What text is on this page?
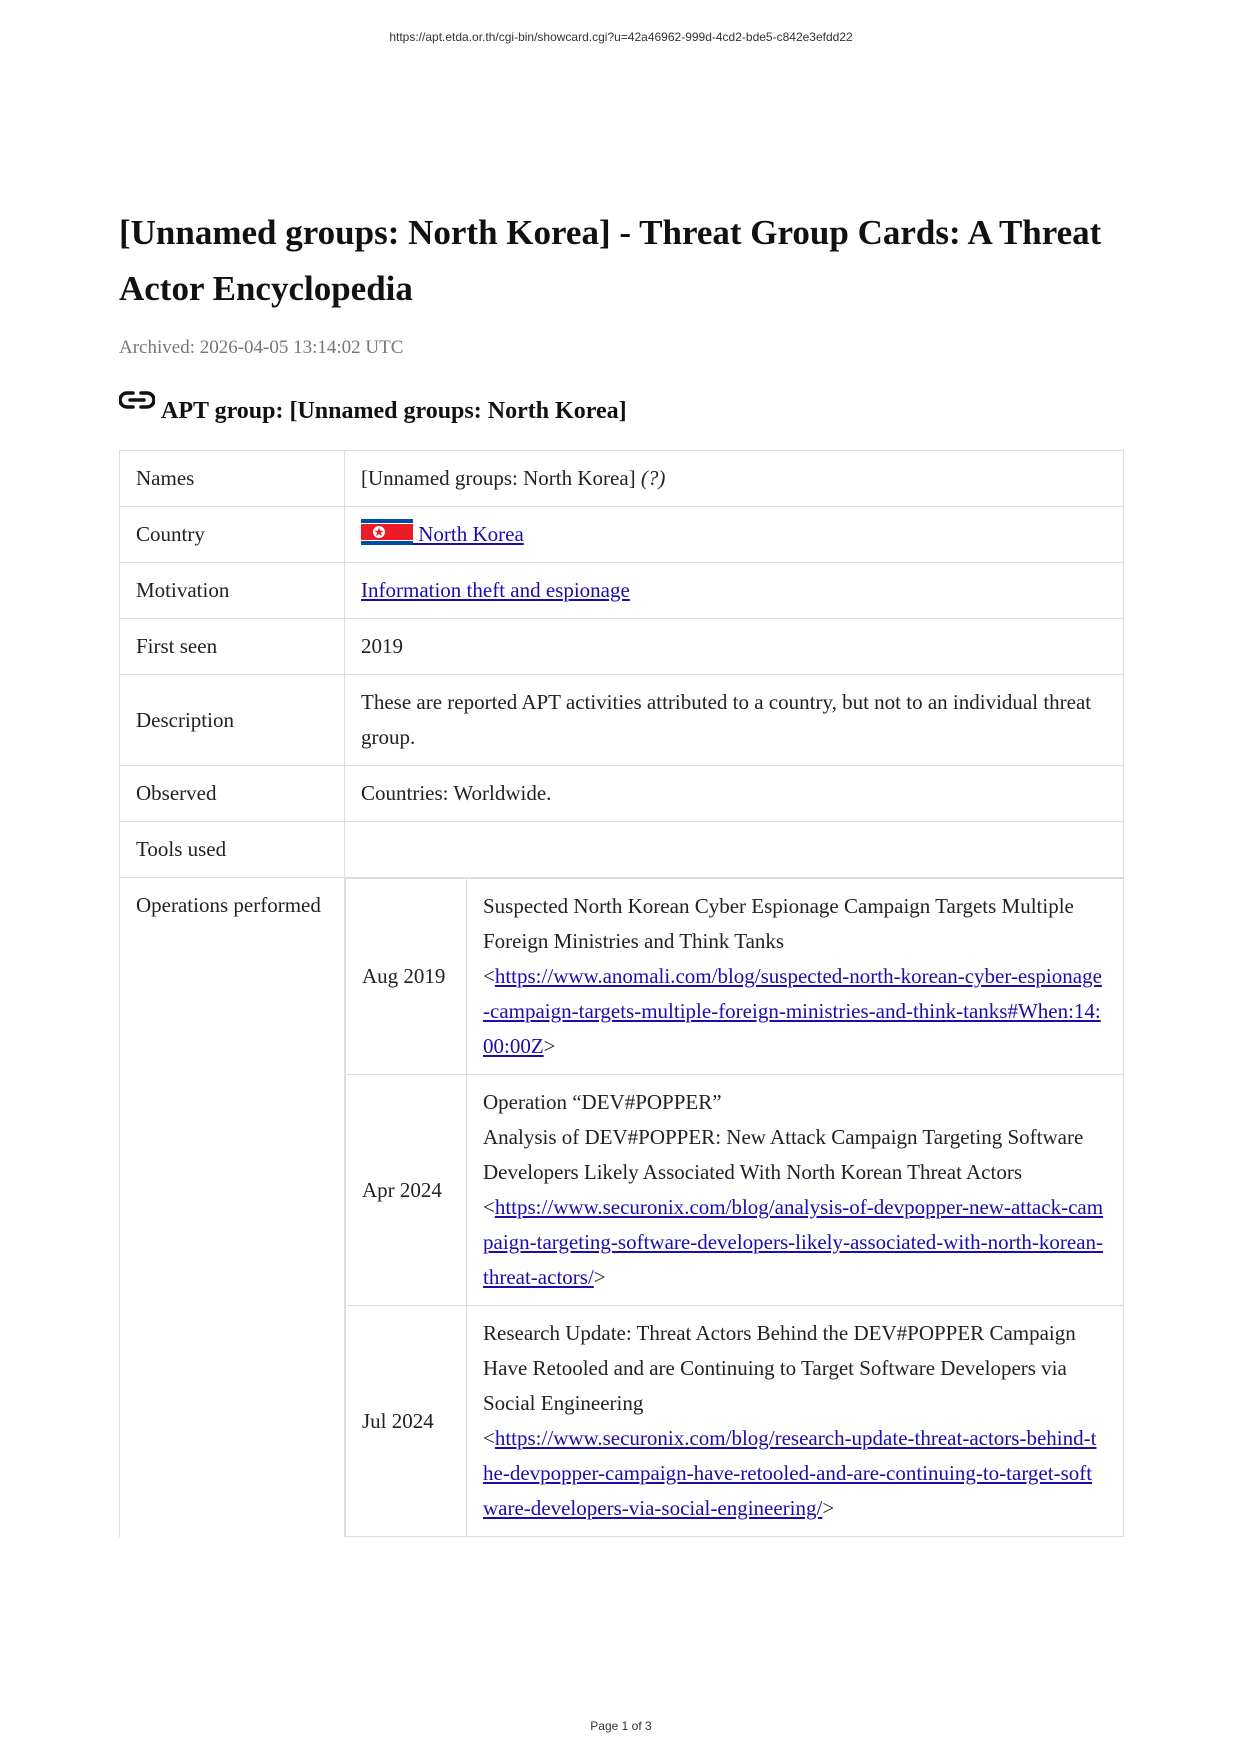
https://apt.etda.or.th/cgi-bin/showcard.cgi?u=42a46962-999d-4cd2-bde5-c842e3efdd22
[Unnamed groups: North Korea] - Threat Group Cards: A Threat Actor Encyclopedia
Archived: 2026-04-05 13:14:02 UTC
APT group: [Unnamed groups: North Korea]
Names	[Unnamed groups: North Korea] (?)
Country	North Korea
Motivation	Information theft and espionage
First seen	2019
Description	These are reported APT activities attributed to a country, but not to an individual threat group.
Observed	Countries: Worldwide.
Tools used	
Operations performed	
Aug 2019	Suspected North Korean Cyber Espionage Campaign Targets Multiple Foreign Ministries and Think Tanks
<https://www.anomali.com/blog/suspected-north-korean-cyber-espionage-campaign-targets-multiple-foreign-ministries-and-think-tanks#When:14:00:00Z>
Apr 2024	Operation “DEV#POPPER”
Analysis of DEV#POPPER: New Attack Campaign Targeting Software Developers Likely Associated With North Korean Threat Actors
<https://www.securonix.com/blog/analysis-of-devpopper-new-attack-campaign-targeting-software-developers-likely-associated-with-north-korean-threat-actors/>
Jul 2024	Research Update: Threat Actors Behind the DEV#POPPER Campaign Have Retooled and are Continuing to Target Software Developers via Social Engineering
<https://www.securonix.com/blog/research-update-threat-actors-behind-the-devpopper-campaign-have-retooled-and-are-continuing-to-target-software-developers-via-social-engineering/>
Page 1 of 3
